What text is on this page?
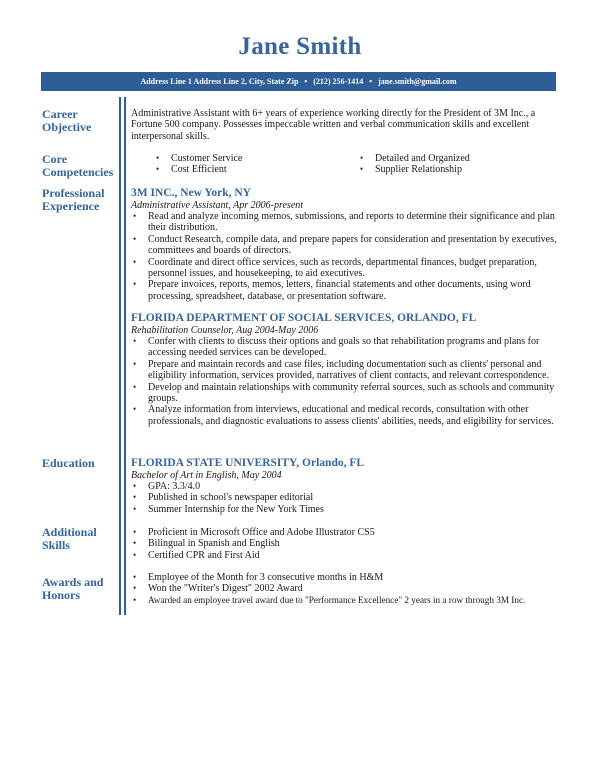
Jane Smith
Address Line 1 Address Line 2, City, State Zip • (212) 256-1414 • jane.smith@gmail.com
Career Objective
Administrative Assistant with 6+ years of experience working directly for the President of 3M Inc., a Fortune 500 company. Possesses impeccable written and verbal communication skills and excellent interpersonal skills.
Core Competencies
• Customer Service
• Cost Efficient
• Detailed and Organized
• Supplier Relationship
Professional Experience
3M INC., New York, NY
Administrative Assistant, Apr 2006-present
• Read and analyze incoming memos, submissions, and reports to determine their significance and plan their distribution.
• Conduct Research, compile data, and prepare papers for consideration and presentation by executives, committees and boards of directors.
• Coordinate and direct office services, such as records, departmental finances, budget preparation, personnel issues, and housekeeping, to aid executives.
• Prepare invoices, reports, memos, letters, financial statements and other documents, using word processing, spreadsheet, database, or presentation software.
FLORIDA DEPARTMENT OF SOCIAL SERVICES, ORLANDO, FL
Rehabilitation Counselor, Aug 2004-May 2006
• Confer with clients to discuss their options and goals so that rehabilitation programs and plans for accessing needed services can be developed.
• Prepare and maintain records and case files, including documentation such as clients' personal and eligibility information, services provided, narratives of client contacts, and relevant correspondence.
• Develop and maintain relationships with community referral sources, such as schools and community groups.
• Analyze information from interviews, educational and medical records, consultation with other professionals, and diagnostic evaluations to assess clients' abilities, needs, and eligibility for services.
Education	FLORIDA STATE UNIVERSITY, Orlando, FL
Bachelor of Art in English, May 2004
• GPA: 3.3/4.0
• Published in school's newspaper editorial
• Summer Internship for the New York Times
Additional Skills
• Proficient in Microsoft Office and Adobe Illustrator CS5
• Bilingual in Spanish and English
• Certified CPR and First Aid
Awards and Honors
• Employee of the Month for 3 consecutive months in H&M
• Won the "Writer's Digest" 2002 Award
• Awarded an employee travel award due to "Performance Excellence" 2 years in a row through 3M Inc.
